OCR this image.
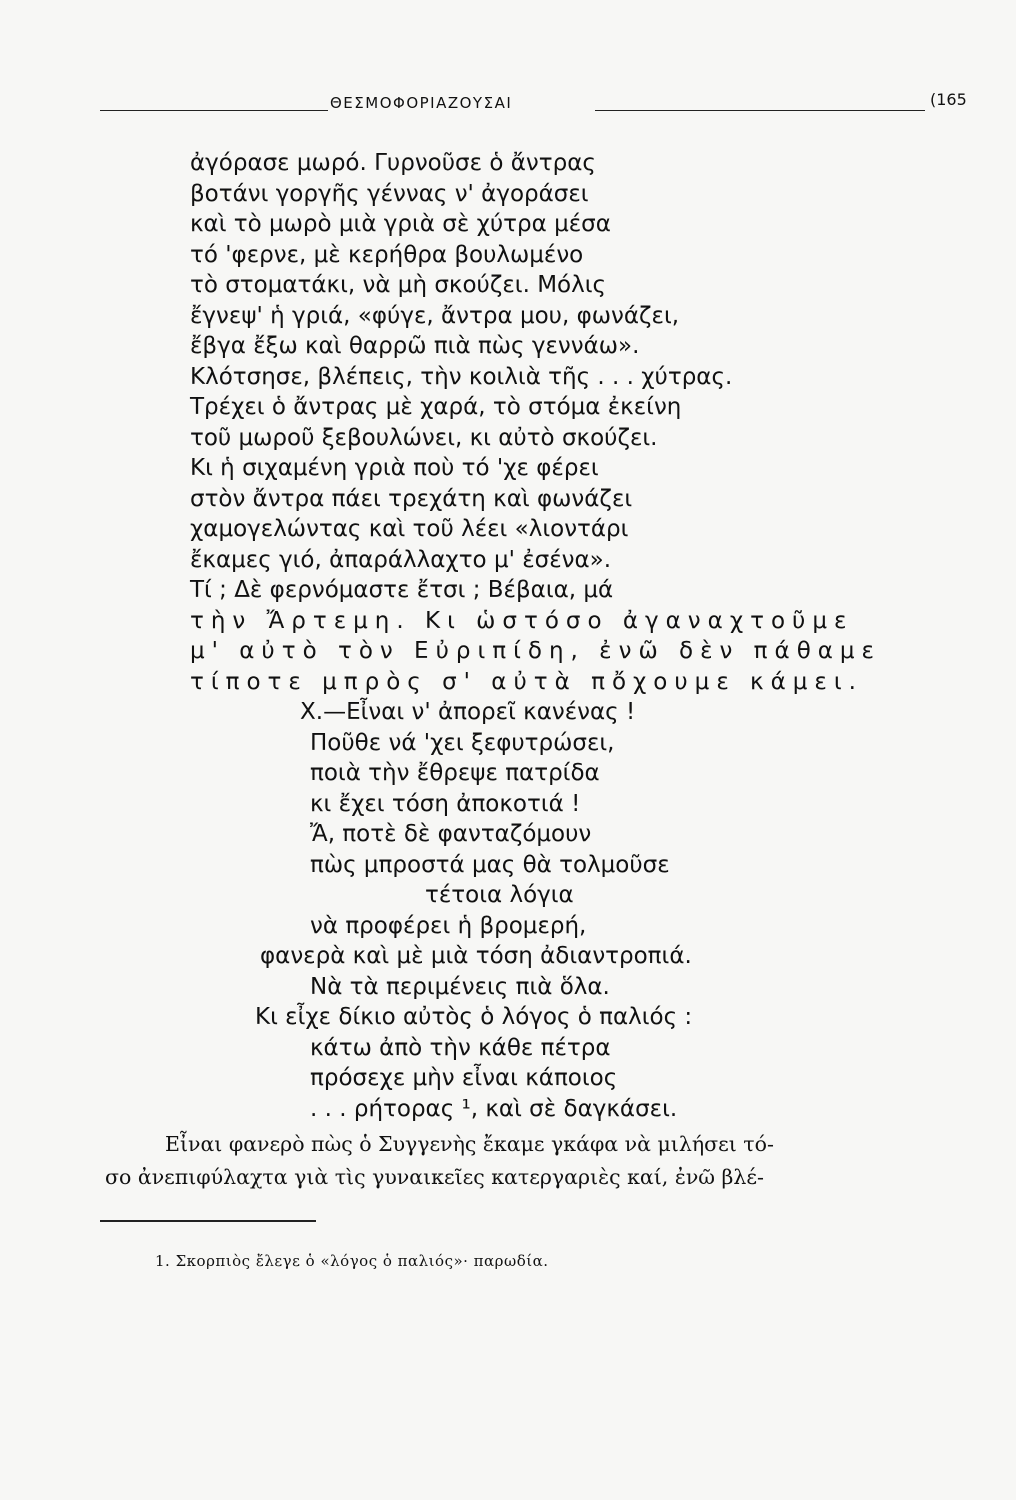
ΘΕΣΜΟΦΟΡΙΑΖΟΥΣΑΙ	(165
ἀγόρασε μωρό. Γυρνοῦσε ὁ ἄντρας
βοτάνι γοργῆς γέννας ν' ἀγοράσει
καὶ τὸ μωρὸ μιὰ γριὰ σὲ χύτρα μέσα
τό 'φερνε, μὲ κερήθρα βουλωμένο
τὸ στοματάκι, νὰ μὴ σκούζει. Μόλις
ἔγνεψ' ἡ γριά, «φύγε, ἄντρα μου, φωνάζει,
ἔβγα ἔξω καὶ θαρρῶ πιὰ πὼς γεννάω».
Κλότσησε, βλέπεις, τὴν κοιλιὰ τῆς . . . χύτρας.
Τρέχει ὁ ἄντρας μὲ χαρά, τὸ στόμα ἐκείνη
τοῦ μωροῦ ξεβουλώνει, κι αὐτὸ σκούζει.
Κι ἡ σιχαμένη γριὰ ποὺ τό 'χε φέρει
στὸν ἄντρα πάει τρεχάτη καὶ φωνάζει
χαμογελώντας καὶ τοῦ λέει «λιοντάρι
ἔκαμες γιό, ἀπαράλλαχτο μ' ἐσένα».
Τί ; Δὲ φερνόμαστε ἔτσι ; Βέβαια, μά
τὴν Ἄρτεμη. Κι ὡστόσο ἀγαναχτοῦμε
μ' αὐτὸ τὸν Εὐριπίδη, ἐνῶ δὲν πάθαμε
τίποτε μπρὸς σ' αὐτὰ πὄχουμε κάμει.
Χ.—Εἶναι ν' ἀπορεῖ κανένας !
Ποῦθε νά 'χει ξεφυτρώσει,
ποιὰ τὴν ἔθρεψε πατρίδα
κι ἔχει τόση ἀποκοτιά !
Ἄ, ποτὲ δὲ φανταζόμουν
πὼς μπροστά μας θὰ τολμοῦσε
τέτοια λόγια
νὰ προφέρει ἡ βρομερή,
φανερὰ καὶ μὲ μιὰ τόση ἀδιαντροπιά.
Νὰ τὰ περιμένεις πιὰ ὅλα.
Κι εἶχε δίκιο αὐτὸς ὁ λόγος ὁ παλιός :
κάτω ἀπὸ τὴν κάθε πέτρα
πρόσεχε μὴν εἶναι κάποιος
. . . ρήτορας ¹, καὶ σὲ δαγκάσει.
Εἶναι φανερὸ πὼς ὁ Συγγενὴς ἔκαμε γκάφα νὰ μιλήσει τό-
σο ἀνεπιφύλαχτα γιὰ τὶς γυναικεῖες κατεργαριὲς καί, ἐνῶ βλέ-
1. Σκορπιὸς ἔλεγε ὁ «λόγος ὁ παλιός»· παρωδία.
